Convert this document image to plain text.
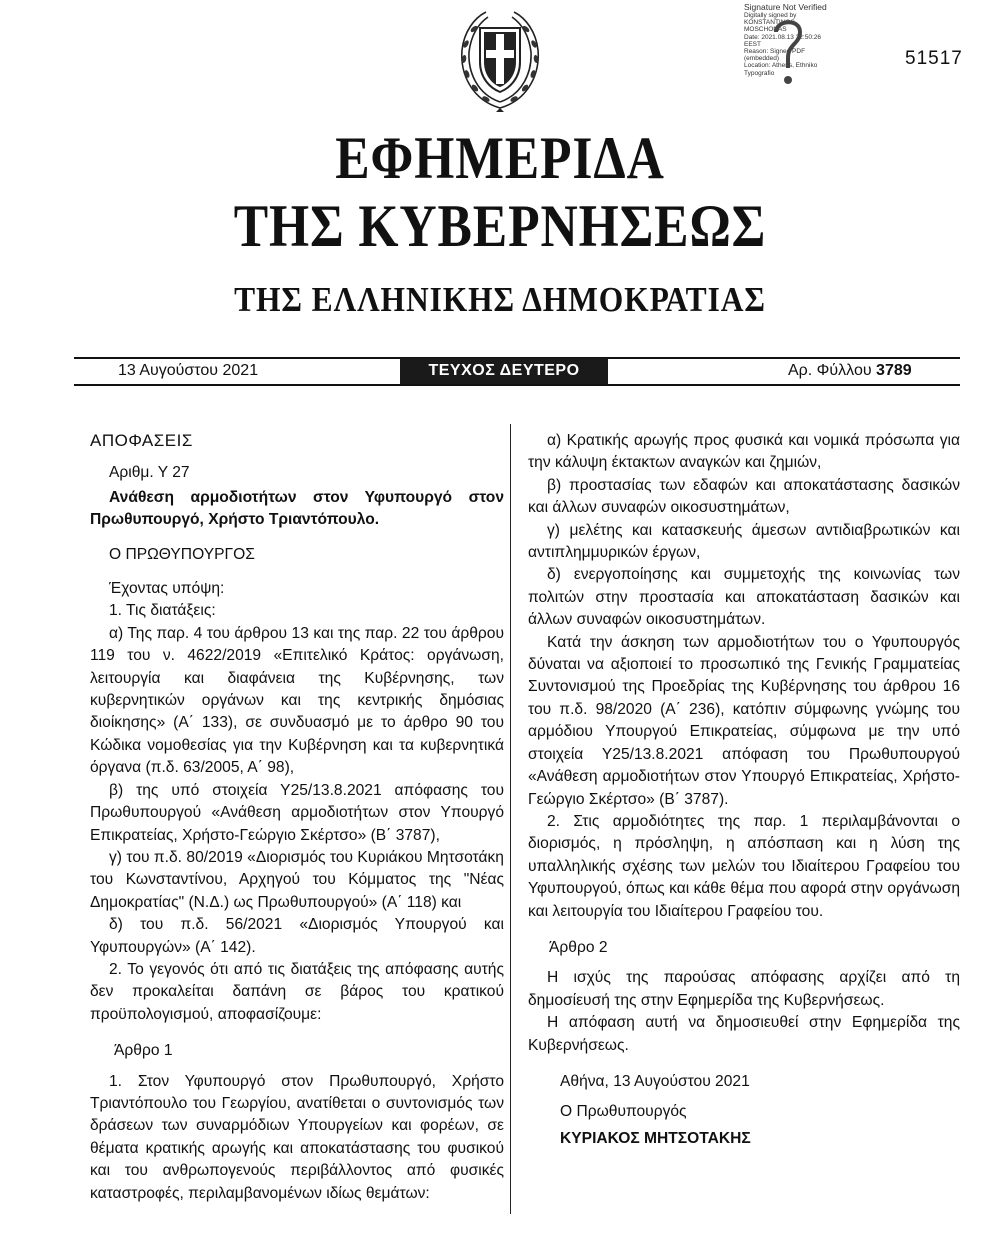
Signature Not Verified
Digitally signed by
KONSTANTINOS
MOSCHONAS
Date: 2021.08.13 22:50:26
EEST
Reason: Signed PDF
(embedded)
Location: Athens, Ethniko
Typografio
51517
ΕΦΗΜΕΡΙΔΑ
ΤΗΣ ΚΥΒΕΡΝΗΣΕΩΣ
ΤΗΣ ΕΛΛΗΝΙΚΗΣ ΔΗΜΟΚΡΑΤΙΑΣ
13 Αυγούστου 2021	ΤΕΥΧΟΣ ΔΕΥΤΕΡΟ	Αρ. Φύλλου 3789

ΑΠΟΦΑΣΕΙΣ

Αριθμ. Υ 27

Ανάθεση αρμοδιοτήτων στον Υφυπουργό στον Πρωθυπουργό, Χρήστο Τριαντόπουλο.

Ο ΠΡΩΘΥΠΟΥΡΓΟΣ

Έχοντας υπόψη:

1. Τις διατάξεις:

α) Της παρ. 4 του άρθρου 13 και της παρ. 22 του άρθρου 119 του ν. 4622/2019 «Επιτελικό Κράτος: οργάνωση, λειτουργία και διαφάνεια της Κυβέρνησης, των κυβερνητικών οργάνων και της κεντρικής δημόσιας διοίκησης» (Α΄ 133), σε συνδυασμό με το άρθρο 90 του Κώδικα νομοθεσίας για την Κυβέρνηση και τα κυβερνητικά όργανα (π.δ. 63/2005, Α΄ 98),

β) της υπό στοιχεία Υ25/13.8.2021 απόφασης του Πρωθυπουργού «Ανάθεση αρμοδιοτήτων στον Υπουργό Επικρατείας, Χρήστο-Γεώργιο Σκέρτσο» (Β΄ 3787),

γ) του π.δ. 80/2019 «Διορισμός του Κυριάκου Μητσοτάκη του Κωνσταντίνου, Αρχηγού του Κόμματος της "Νέας Δημοκρατίας" (Ν.Δ.) ως Πρωθυπουργού» (Α΄ 118) και

δ) του π.δ. 56/2021 «Διορισμός Υπουργού και Υφυπουργών» (Α΄ 142).

2. Το γεγονός ότι από τις διατάξεις της απόφασης αυτής δεν προκαλείται δαπάνη σε βάρος του κρατικού προϋπολογισμού, αποφασίζουμε:

Άρθρο 1

1. Στον Υφυπουργό στον Πρωθυπουργό, Χρήστο Τριαντόπουλο του Γεωργίου, ανατίθεται ο συντονισμός των δράσεων των συναρμόδιων Υπουργείων και φορέων, σε θέματα κρατικής αρωγής και αποκατάστασης του φυσικού και του ανθρωπογενούς περιβάλλοντος από φυσικές καταστροφές, περιλαμβανομένων ιδίως θεμάτων:

α) Κρατικής αρωγής προς φυσικά και νομικά πρόσωπα για την κάλυψη έκτακτων αναγκών και ζημιών,

β) προστασίας των εδαφών και αποκατάστασης δασικών και άλλων συναφών οικοσυστημάτων,

γ) μελέτης και κατασκευής άμεσων αντιδιαβρωτικών και αντιπλημμυρικών έργων,

δ) ενεργοποίησης και συμμετοχής της κοινωνίας των πολιτών στην προστασία και αποκατάσταση δασικών και άλλων συναφών οικοσυστημάτων.

Κατά την άσκηση των αρμοδιοτήτων του ο Υφυπουργός δύναται να αξιοποιεί το προσωπικό της Γενικής Γραμματείας Συντονισμού της Προεδρίας της Κυβέρνησης του άρθρου 16 του π.δ. 98/2020 (Α΄ 236), κατόπιν σύμφωνης γνώμης του αρμόδιου Υπουργού Επικρατείας, σύμφωνα με την υπό στοιχεία Υ25/13.8.2021 απόφαση του Πρωθυπουργού «Ανάθεση αρμοδιοτήτων στον Υπουργό Επικρατείας, Χρήστο-Γεώργιο Σκέρτσο» (Β΄ 3787).

2. Στις αρμοδιότητες της παρ. 1 περιλαμβάνονται ο διορισμός, η πρόσληψη, η απόσπαση και η λύση της υπαλληλικής σχέσης των μελών του Ιδιαίτερου Γραφείου του Υφυπουργού, όπως και κάθε θέμα που αφορά στην οργάνωση και λειτουργία του Ιδιαίτερου Γραφείου του.

Άρθρο 2

Η ισχύς της παρούσας απόφασης αρχίζει από τη δημοσίευσή της στην Εφημερίδα της Κυβερνήσεως.

Η απόφαση αυτή να δημοσιευθεί στην Εφημερίδα της Κυβερνήσεως.

Αθήνα, 13 Αυγούστου 2021

Ο Πρωθυπουργός

ΚΥΡΙΑΚΟΣ ΜΗΤΣΟΤΑΚΗΣ
